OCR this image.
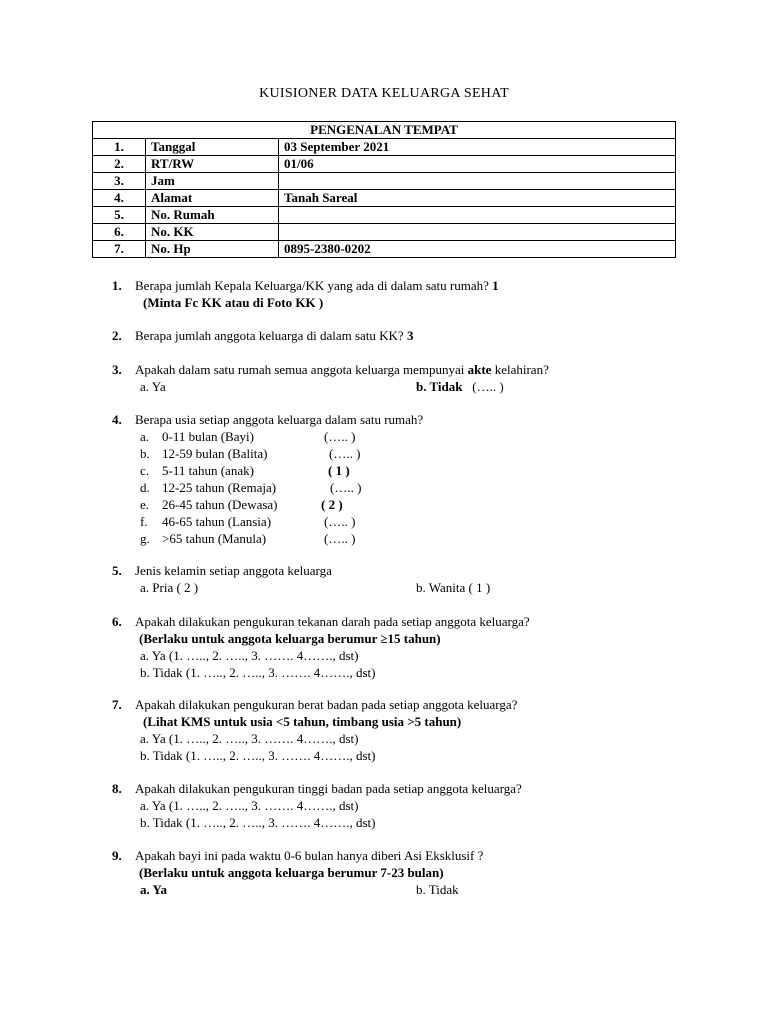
KUISIONER DATA KELUARGA SEHAT
PENGENALAN TEMPAT		
1.	Tanggal	03 September 2021
2.	RT/RW	01/06
3.	Jam	
4.	Alamat	Tanah Sareal
5.	No. Rumah	
6.	No. KK	
7.	No. Hp	0895-2380-0202
1. Berapa jumlah Kepala Keluarga/KK yang ada di dalam satu rumah? 1
(Minta Fc KK atau di Foto KK )
2. Berapa jumlah anggota keluarga di dalam satu KK? 3
3. Apakah dalam satu rumah semua anggota keluarga mempunyai akte kelahiran?
a. Ya	b. Tidak (….. )
4. Berapa usia setiap anggota keluarga dalam satu rumah?
a. 0-11 bulan (Bayi)	(….. )
b. 12-59 bulan (Balita)	(….. )
c. 5-11 tahun (anak)	( 1 )
d. 12-25 tahun (Remaja)	(….. )
e. 26-45 tahun (Dewasa)	( 2 )
f. 46-65 tahun (Lansia)	(….. )
g. >65 tahun (Manula)	(….. )
5. Jenis kelamin setiap anggota keluarga
a. Pria ( 2 )	b. Wanita ( 1 )
6. Apakah dilakukan pengukuran tekanan darah pada setiap anggota keluarga?
(Berlaku untuk anggota keluarga berumur ≥15 tahun)
a. Ya (1. ….., 2. ….., 3. ……. 4……., dst)
b. Tidak (1. ….., 2. ….., 3. ……. 4……., dst)
7. Apakah dilakukan pengukuran berat badan pada setiap anggota keluarga?
(Lihat KMS untuk usia <5 tahun, timbang usia >5 tahun)
a. Ya (1. ….., 2. ….., 3. ……. 4……., dst)
b. Tidak (1. ….., 2. ….., 3. ……. 4……., dst)
8. Apakah dilakukan pengukuran tinggi badan pada setiap anggota keluarga?
a. Ya (1. ….., 2. ….., 3. ……. 4……., dst)
b. Tidak (1. ….., 2. ….., 3. ……. 4……., dst)
9. Apakah bayi ini pada waktu 0-6 bulan hanya diberi Asi Eksklusif ?
(Berlaku untuk anggota keluarga berumur 7-23 bulan)
a. Ya	b. Tidak
